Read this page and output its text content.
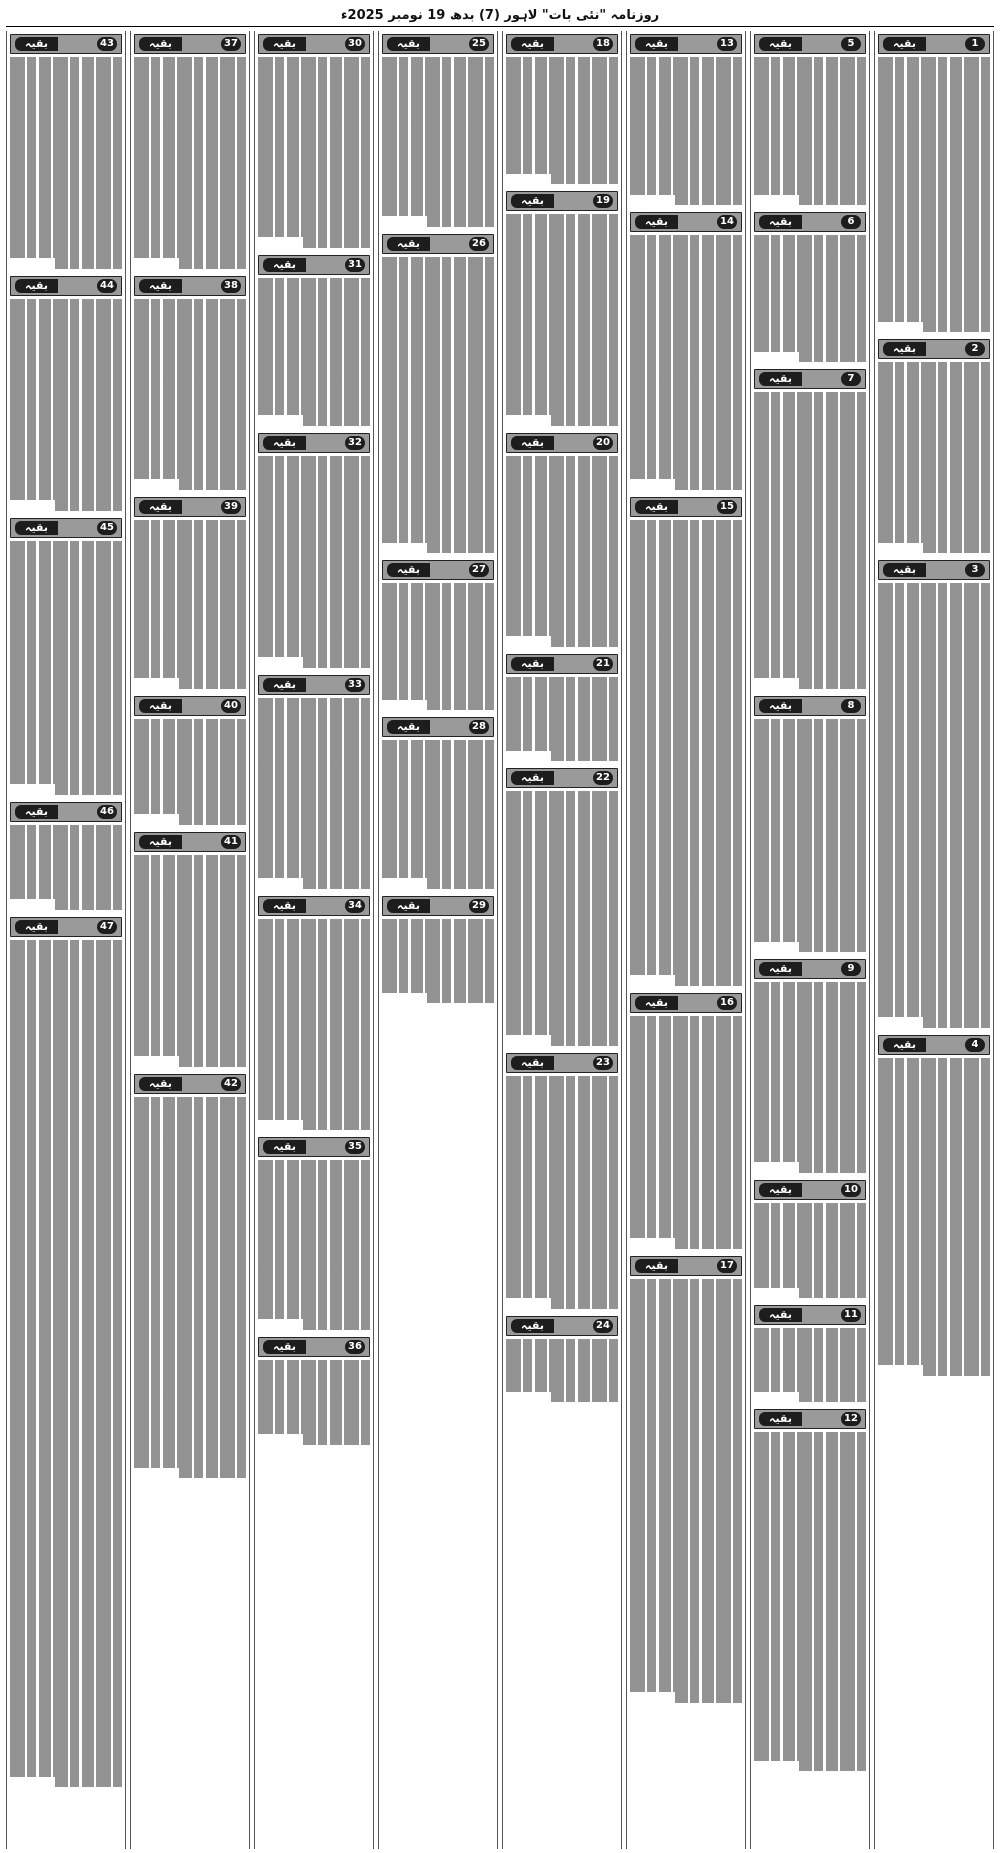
روزنامہ "نئی بات" لاہور (7) بدھ 19 نومبر 2025ء
1
بقیہ
2
بقیہ
3
بقیہ
4
بقیہ
5
بقیہ
6
بقیہ
7
بقیہ
8
بقیہ
9
بقیہ
10
بقیہ
11
بقیہ
12
بقیہ
13
بقیہ
14
بقیہ
15
بقیہ
16
بقیہ
17
بقیہ
18
بقیہ
19
بقیہ
20
بقیہ
21
بقیہ
22
بقیہ
23
بقیہ
24
بقیہ
25
بقیہ
26
بقیہ
27
بقیہ
28
بقیہ
29
بقیہ
30
بقیہ
31
بقیہ
32
بقیہ
33
بقیہ
34
بقیہ
35
بقیہ
36
بقیہ
37
بقیہ
38
بقیہ
39
بقیہ
40
بقیہ
41
بقیہ
42
بقیہ
43
بقیہ
44
بقیہ
45
بقیہ
46
بقیہ
47
بقیہ
